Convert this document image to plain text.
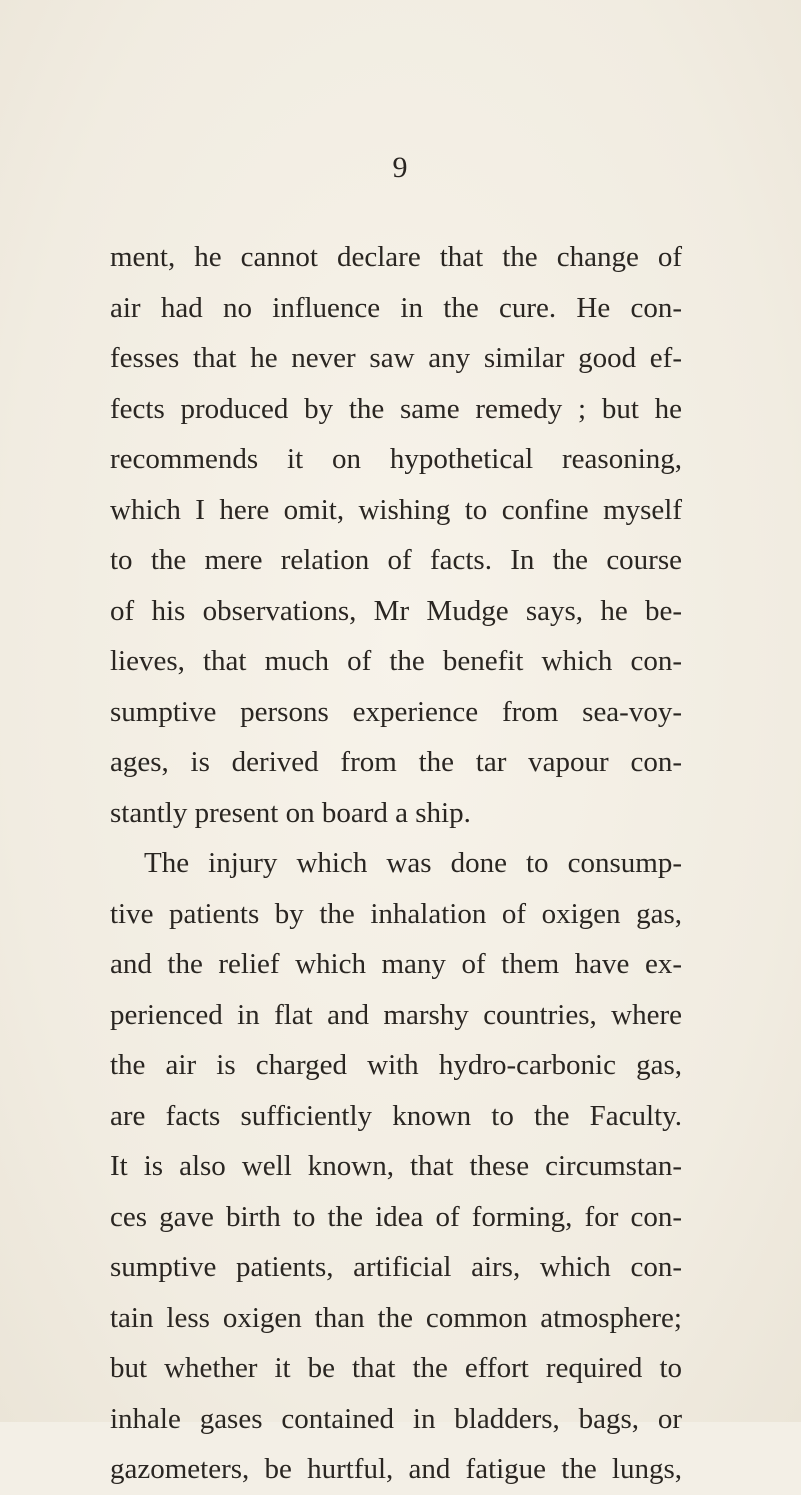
9
ment, he cannot declare that the change of
air had no influence in the cure. He con-
fesses that he never saw any similar good ef-
fects produced by the same remedy ; but he
recommends it on hypothetical reasoning,
which I here omit, wishing to confine myself
to the mere relation of facts. In the course
of his observations, Mr Mudge says, he be-
lieves, that much of the benefit which con-
sumptive persons experience from sea-voy-
ages, is derived from the tar vapour con-
stantly present on board a ship.
The injury which was done to consump-
tive patients by the inhalation of oxigen gas,
and the relief which many of them have ex-
perienced in flat and marshy countries, where
the air is charged with hydro-carbonic gas,
are facts sufficiently known to the Faculty.
It is also well known, that these circumstan-
ces gave birth to the idea of forming, for con-
sumptive patients, artificial airs, which con-
tain less oxigen than the common atmosphere;
but whether it be that the effort required to
inhale gases contained in bladders, bags, or
gazometers, be hurtful, and fatigue the lungs,
